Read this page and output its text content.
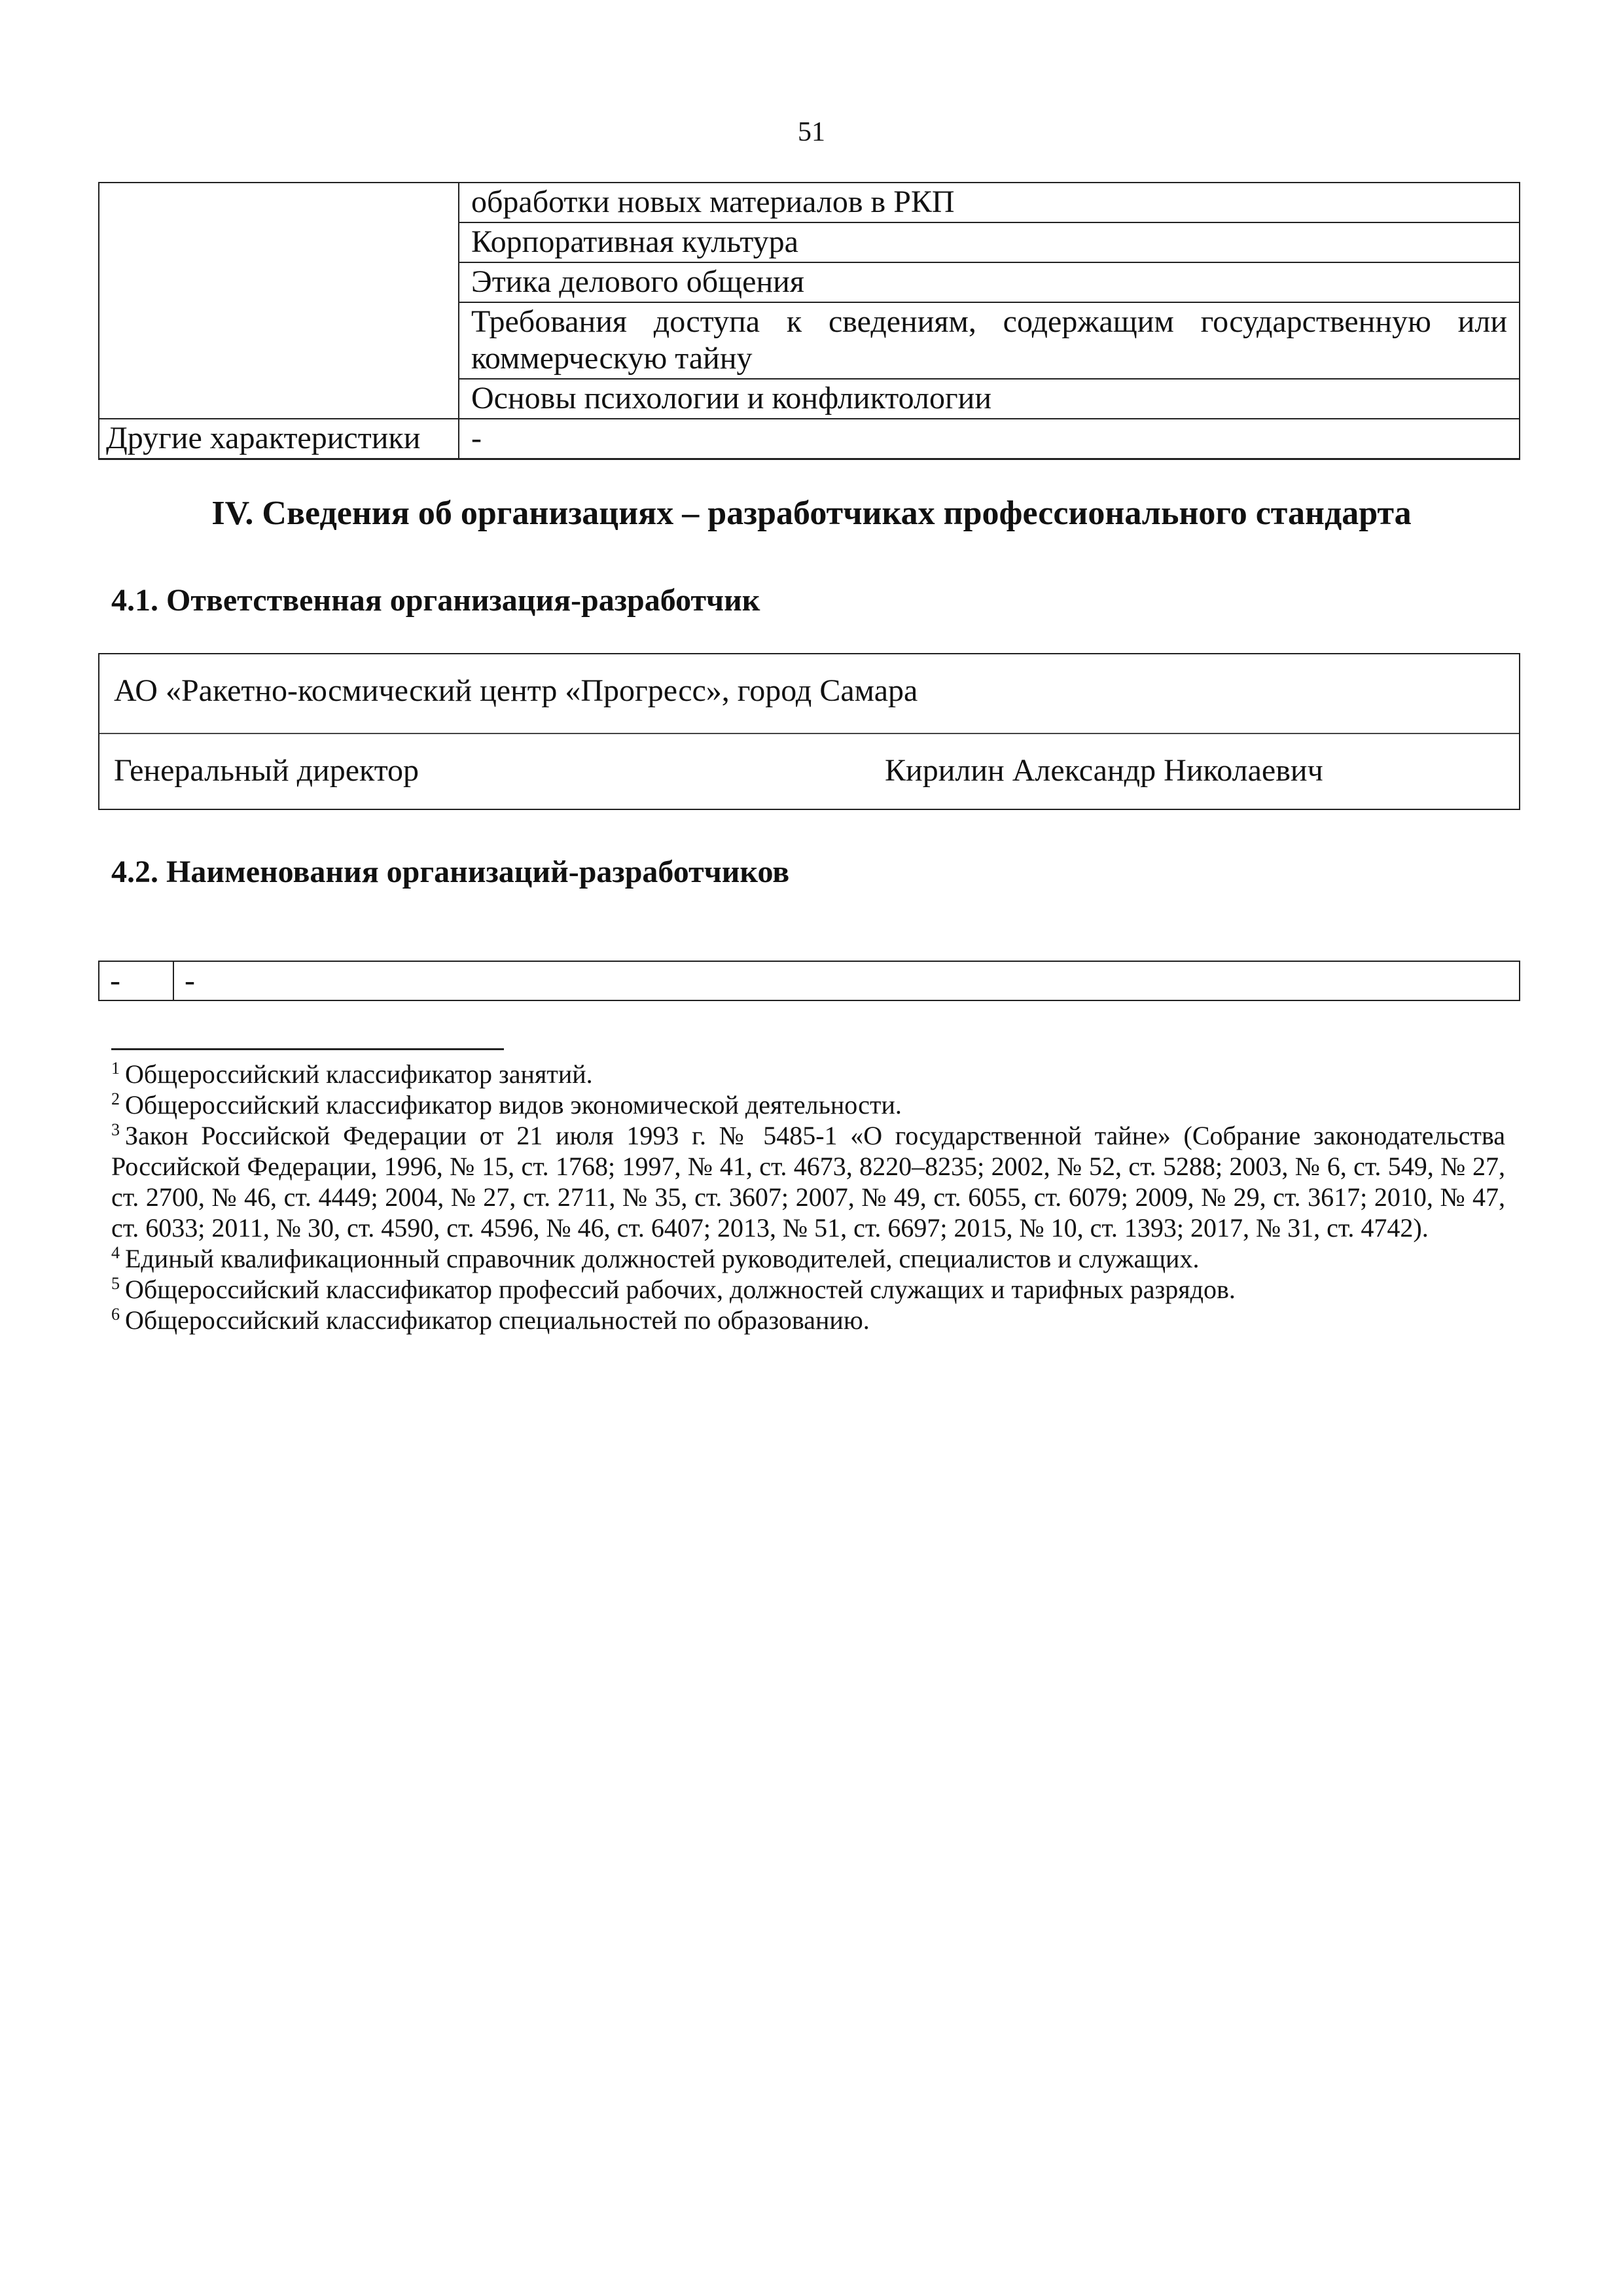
51
	обработки новых материалов в РКП
	Корпоративная культура
	Этика делового общения
	Требования доступа к сведениям, содержащим государственную или коммерческую тайну
	Основы психологии и конфликтологии
Другие характеристики	-
IV. Сведения об организациях – разработчиках профессионального стандарта
4.1. Ответственная организация-разработчик
АО «Ракетно-космический центр «Прогресс», город Самара
Генеральный директор	Кирилин Александр Николаевич
4.2. Наименования организаций-разработчиков
-	-

$^1$ Общероссийский классификатор занятий.

$^2$ Общероссийский классификатор видов экономической деятельности.

$^3$ Закон Российской Федерации от 21 июля 1993 г. № 5485-1 «О государственной тайне» (Собрание законодательства Российской Федерации, 1996, № 15, ст. 1768; 1997, № 41, ст. 4673, 8220–8235; 2002, № 52, ст. 5288; 2003, № 6, ст. 549, № 27, ст. 2700, № 46, ст. 4449; 2004, № 27, ст. 2711, № 35, ст. 3607; 2007, № 49, ст. 6055, ст. 6079; 2009, № 29, ст. 3617; 2010, № 47, ст. 6033; 2011, № 30, ст. 4590, ст. 4596, № 46, ст. 6407; 2013, № 51, ст. 6697; 2015, № 10, ст. 1393; 2017, № 31, ст. 4742).

$^4$ Единый квалификационный справочник должностей руководителей, специалистов и служащих.

$^5$ Общероссийский классификатор профессий рабочих, должностей служащих и тарифных разрядов.

$^6$ Общероссийский классификатор специальностей по образованию.
